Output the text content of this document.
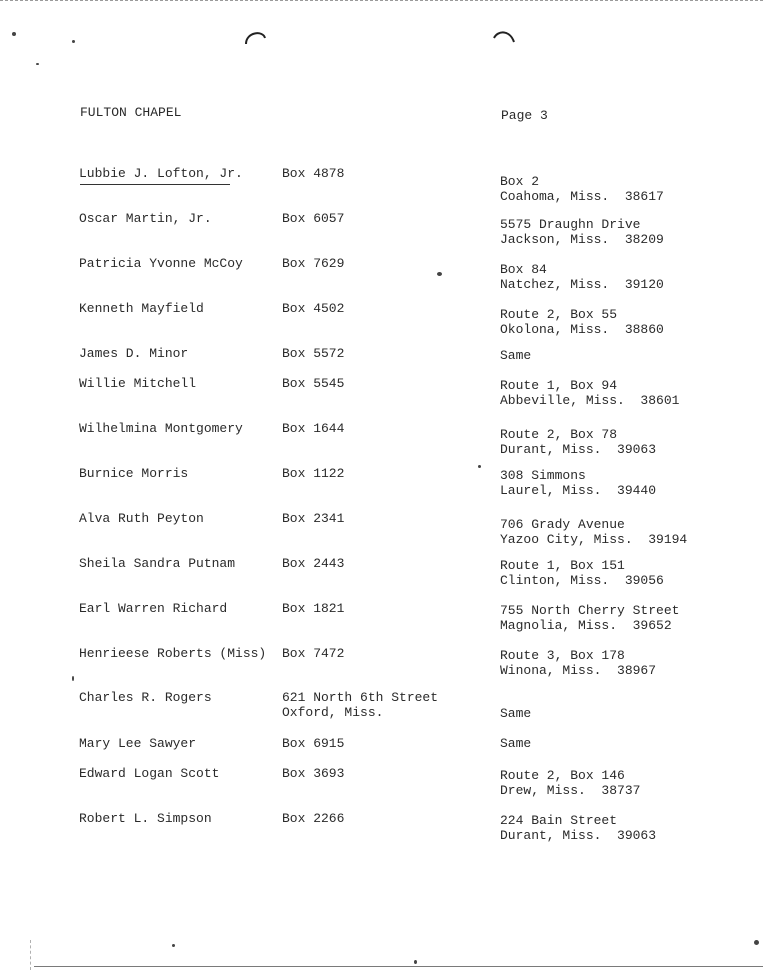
FULTON CHAPEL	Page 3
Lubbie J. Lofton, Jr.	Box 4878
Box 2
Coahoma, Miss.  38617
Oscar Martin, Jr.	Box 6057	5575 Draughn Drive
Jackson, Miss.  38209
Patricia Yvonne McCoy	Box 7629	Box 84
Natchez, Miss.  39120
Kenneth Mayfield	Box 4502	Route 2, Box 55
Okolona, Miss.  38860
James D. Minor	Box 5572	Same
Willie Mitchell	Box 5545	Route 1, Box 94
Abbeville, Miss.  38601
Wilhelmina Montgomery	Box 1644	Route 2, Box 78
Durant, Miss.  39063
Burnice Morris	Box 1122	308 Simmons
Laurel, Miss.  39440
Alva Ruth Peyton	Box 2341	706 Grady Avenue
Yazoo City, Miss.  39194
Sheila Sandra Putnam	Box 2443	Route 1, Box 151
Clinton, Miss.  39056
Earl Warren Richard	Box 1821	755 North Cherry Street
Magnolia, Miss.  39652
Henrieese Roberts (Miss) Box 7472	Route 3, Box 178
Winona, Miss.  38967
Charles R. Rogers	621 North 6th Street
Oxford, Miss.	Same
Mary Lee Sawyer	Box 6915	Same
Edward Logan Scott	Box 3693	Route 2, Box 146
Drew, Miss.  38737
Robert L. Simpson	Box 2266	224 Bain Street
Durant, Miss.  39063
